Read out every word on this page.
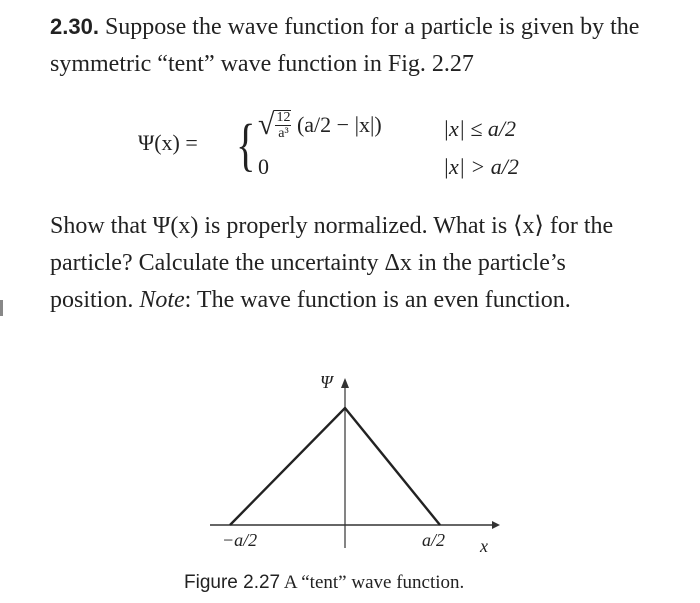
2.30. Suppose the wave function for a particle is given by the symmetric “tent” wave function in Fig. 2.27
Ψ(x) = { √ $\frac{12}{\text{a³}} (a/2 - |x|)$	|x| ≤ a/2
0	|x| > a/2
Show that Ψ(x) is properly normalized. What is ⟨x⟩ for the particle? Calculate the uncertainty Δx in the particle’s position. Note: The wave function is an even function.
Ψ
−a/2	a/2 x
Figure 2.27 A “tent” wave function.
